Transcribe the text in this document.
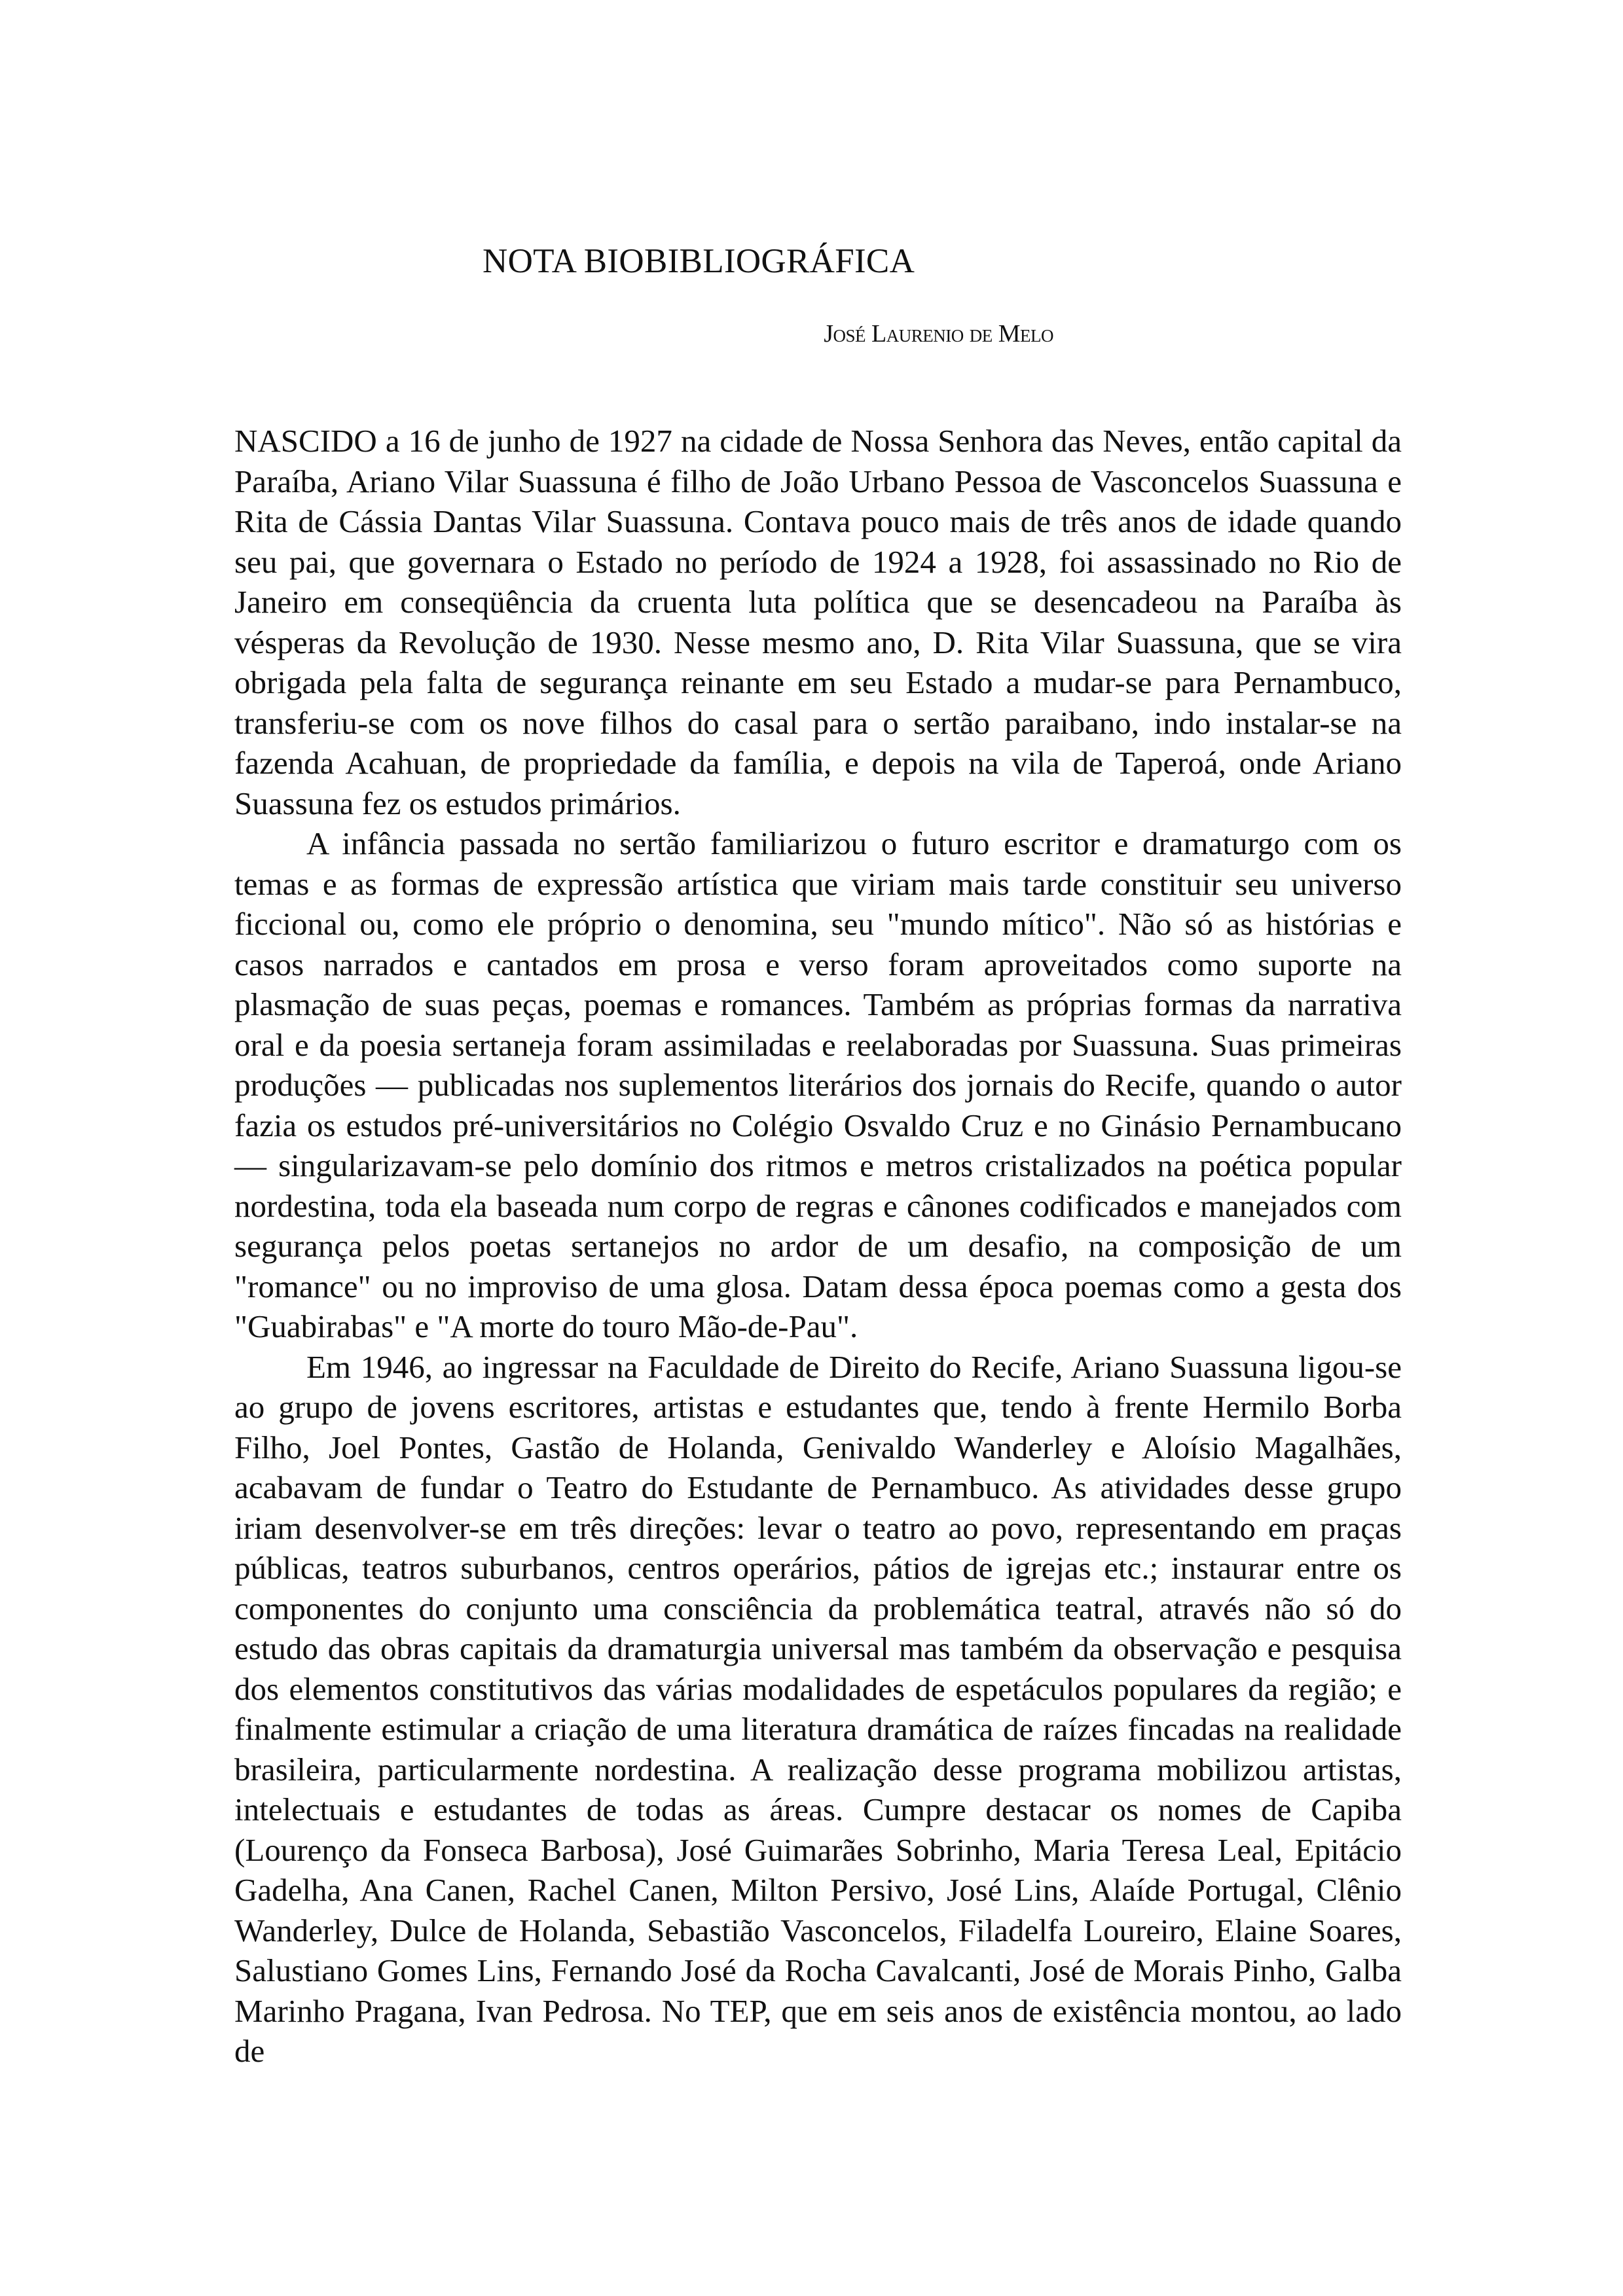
NOTA BIOBIBLIOGRÁFICA
José Laurenio de Melo

NASCIDO a 16 de junho de 1927 na cidade de Nossa Senhora das Neves, então capital da Paraíba, Ariano Vilar Suassuna é filho de João Urbano Pessoa de Vasconcelos Suassuna e Rita de Cássia Dantas Vilar Suassuna. Contava pouco mais de três anos de idade quando seu pai, que governara o Estado no período de 1924 a 1928, foi assassinado no Rio de Janeiro em conseqüência da cruenta luta política que se desencadeou na Paraíba às vésperas da Revolução de 1930. Nesse mesmo ano, D. Rita Vilar Suassuna, que se vira obrigada pela falta de segurança reinante em seu Estado a mudar-se para Pernambuco, transferiu-se com os nove filhos do casal para o sertão paraibano, indo instalar-se na fazenda Acahuan, de propriedade da família, e depois na vila de Taperoá, onde Ariano Suassuna fez os estudos primários.

A infância passada no sertão familiarizou o futuro escritor e dramaturgo com os temas e as formas de expressão artística que viriam mais tarde constituir seu universo ficcional ou, como ele próprio o denomina, seu "mundo mítico". Não só as histórias e casos narrados e cantados em prosa e verso foram aproveitados como suporte na plasmação de suas peças, poemas e romances. Também as próprias formas da narrativa oral e da poesia sertaneja foram assimiladas e reelaboradas por Suassuna. Suas primeiras produções — publicadas nos suplementos literários dos jornais do Recife, quando o autor fazia os estudos pré-universitários no Colégio Osvaldo Cruz e no Ginásio Pernambucano — singularizavam-se pelo domínio dos ritmos e metros cristalizados na poética popular nordestina, toda ela baseada num corpo de regras e cânones codificados e manejados com segurança pelos poetas sertanejos no ardor de um desafio, na composição de um "romance" ou no improviso de uma glosa. Datam dessa época poemas como a gesta dos "Guabirabas" e "A morte do touro Mão-de-Pau".

Em 1946, ao ingressar na Faculdade de Direito do Recife, Ariano Suassuna ligou-se ao grupo de jovens escritores, artistas e estudantes que, tendo à frente Hermilo Borba Filho, Joel Pontes, Gastão de Holanda, Genivaldo Wanderley e Aloísio Magalhães, acabavam de fundar o Teatro do Estudante de Pernambuco. As atividades desse grupo iriam desenvolver-se em três direções: levar o teatro ao povo, representando em praças públicas, teatros suburbanos, centros operários, pátios de igrejas etc.; instaurar entre os componentes do conjunto uma consciência da problemática teatral, através não só do estudo das obras capitais da dramaturgia universal mas também da observação e pesquisa dos elementos constitutivos das várias modalidades de espetáculos populares da região; e finalmente estimular a criação de uma literatura dramática de raízes fincadas na realidade brasileira, particularmente nordestina. A realização desse programa mobilizou artistas, intelectuais e estudantes de todas as áreas. Cumpre destacar os nomes de Capiba (Lourenço da Fonseca Barbosa), José Guimarães Sobrinho, Maria Teresa Leal, Epitácio Gadelha, Ana Canen, Rachel Canen, Milton Persivo, José Lins, Alaíde Portugal, Clênio Wanderley, Dulce de Holanda, Sebastião Vasconcelos, Filadelfa Loureiro, Elaine Soares, Salustiano Gomes Lins, Fernando José da Rocha Cavalcanti, José de Morais Pinho, Galba Marinho Pragana, Ivan Pedrosa. No TEP, que em seis anos de existência montou, ao lado de
